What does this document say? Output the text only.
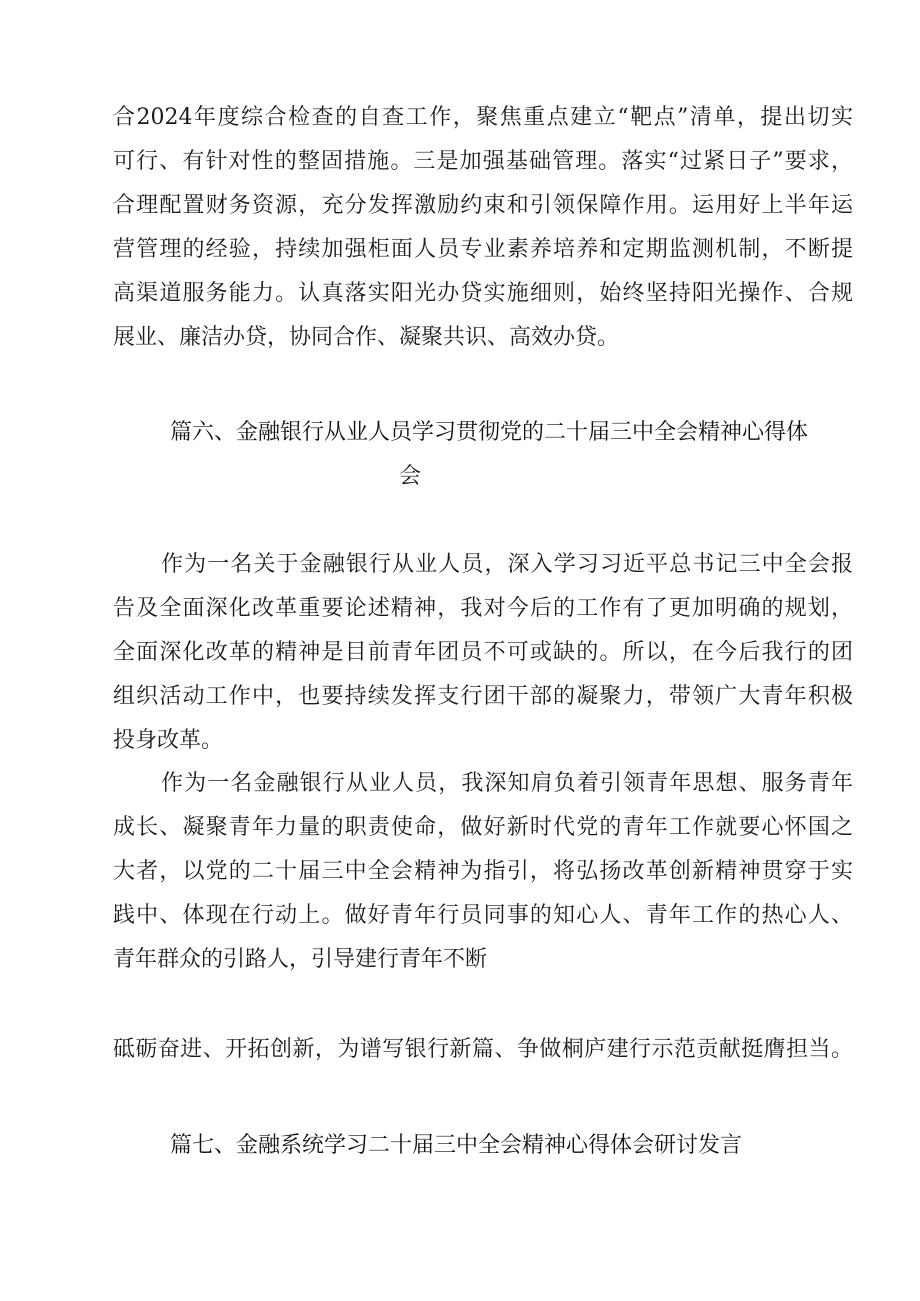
合2024年度综合检查的自查工作，聚焦重点建立“靶点”清单，提出切实
可行、有针对性的整固措施。三是加强基础管理。落实“过紧日子”要求，
合理配置财务资源，充分发挥激励约束和引领保障作用。运用好上半年运
营管理的经验，持续加强柜面人员专业素养培养和定期监测机制，不断提
高渠道服务能力。认真落实阳光办贷实施细则，始终坚持阳光操作、合规
展业、廉洁办贷，协同合作、凝聚共识、高效办贷。
篇六、金融银行从业人员学习贯彻党的二十届三中全会精神心得体
会
作为一名关于金融银行从业人员，深入学习习近平总书记三中全会报
告及全面深化改革重要论述精神，我对今后的工作有了更加明确的规划，
全面深化改革的精神是目前青年团员不可或缺的。所以，在今后我行的团
组织活动工作中，也要持续发挥支行团干部的凝聚力，带领广大青年积极
投身改革。
作为一名金融银行从业人员，我深知肩负着引领青年思想、服务青年
成长、凝聚青年力量的职责使命，做好新时代党的青年工作就要心怀国之
大者，以党的二十届三中全会精神为指引，将弘扬改革创新精神贯穿于实
践中、体现在行动上。做好青年行员同事的知心人、青年工作的热心人、
青年群众的引路人，引导建行青年不断
砥砺奋进、开拓创新，为谱写银行新篇、争做桐庐建行示范贡献挺膺担当。
篇七、金融系统学习二十届三中全会精神心得体会研讨发言
